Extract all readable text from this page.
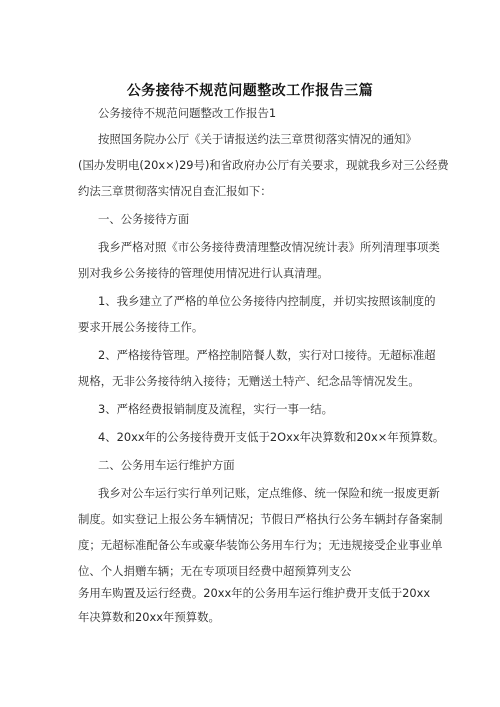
公务接待不规范问题整改工作报告三篇
公务接待不规范问题整改工作报告1
按照国务院办公厅《关于请报送约法三章贯彻落实情况的通知》
(国办发明电(20x×)29号)和省政府办公厅有关要求，现就我乡对三公经费
约法三章贯彻落实情况自查汇报如下：
一、公务接待方面
我乡严格对照《市公务接待费清理整改情况统计表》所列清理事项类
别对我乡公务接待的管理使用情况进行认真清理。
1、我乡建立了严格的单位公务接待内控制度，并切实按照该制度的
要求开展公务接待工作。
2、严格接待管理。严格控制陪餐人数，实行对口接待。无超标准超
规格，无非公务接待纳入接待；无赠送土特产、纪念品等情况发生。
3、严格经费报销制度及流程，实行一事一结。
4、20xx年的公务接待费开支低于2Oxx年决算数和20x×年预算数。
二、公务用车运行维护方面
我乡对公车运行实行单列记账，定点维修、统一保险和统一报废更新
制度。如实登记上报公务车辆情况；节假日严格执行公务车辆封存备案制
度；无超标准配备公车或豪华装饰公务用车行为；无违规接受企业事业单
位、个人捐赠车辆；无在专项项目经费中超预算列支公
务用车购置及运行经费。20xx年的公务用车运行维护费开支低于20xx
年决算数和20xx年预算数。
